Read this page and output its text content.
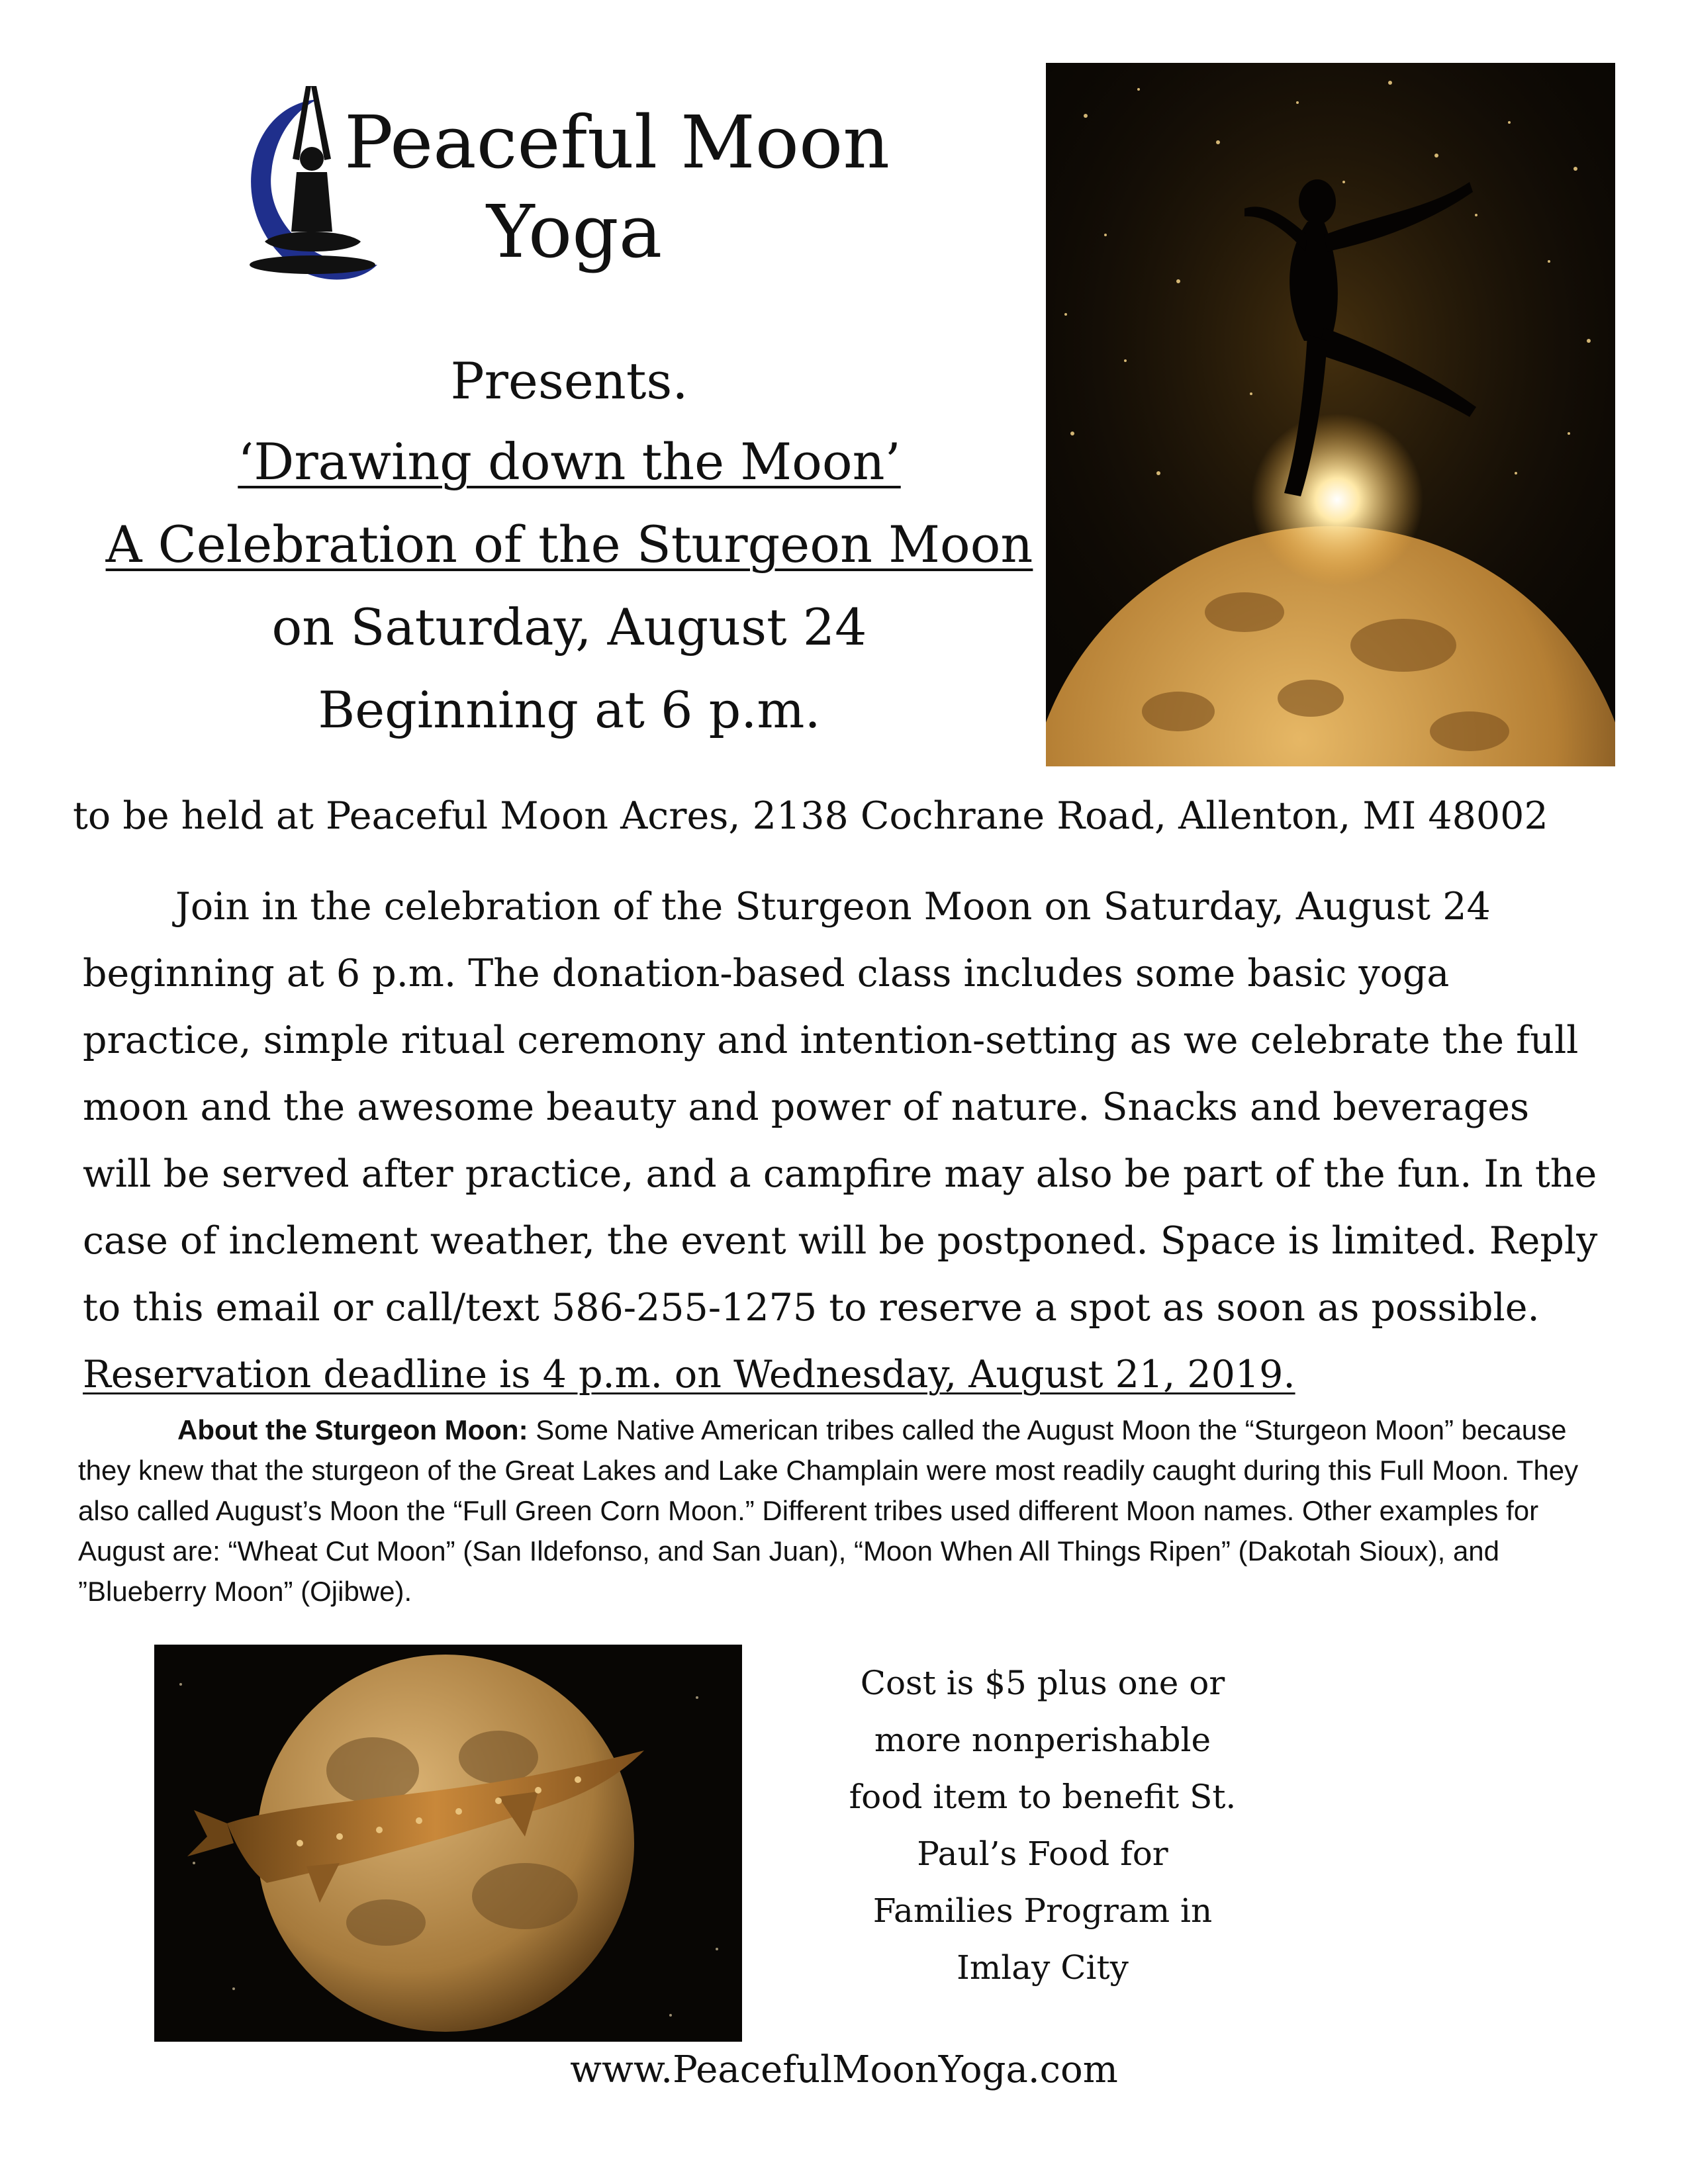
Peaceful Moon
Yoga
Presents.
‘Drawing down the Moon’
A Celebration of the Sturgeon Moon
on Saturday, August 24
Beginning at 6 p.m.
to be held at Peaceful Moon Acres, 2138 Cochrane Road, Allenton, MI 48002
Join in the celebration of the Sturgeon Moon on Saturday, August 24 beginning at 6 p.m. The donation-based class includes some basic yoga practice, simple ritual ceremony and intention-setting as we celebrate the full moon and the awesome beauty and power of nature. Snacks and beverages will be served after practice, and a campfire may also be part of the fun. In the case of inclement weather, the event will be postponed. Space is limited. Reply to this email or call/text 586-255-1275 to reserve a spot as soon as possible. Reservation deadline is 4 p.m. on Wednesday, August 21, 2019.
About the Sturgeon Moon: Some Native American tribes called the August Moon the “Sturgeon Moon” because they knew that the sturgeon of the Great Lakes and Lake Champlain were most readily caught during this Full Moon. They also called August’s Moon the “Full Green Corn Moon.” Different tribes used different Moon names. Other examples for August are: “Wheat Cut Moon” (San Ildefonso, and San Juan), “Moon When All Things Ripen” (Dakotah Sioux), and ”Blueberry Moon” (Ojibwe).
Cost is $5 plus one or
more nonperishable
food item to benefit St.
Paul’s Food for
Families Program in
Imlay City
www.PeacefulMoonYoga.com
